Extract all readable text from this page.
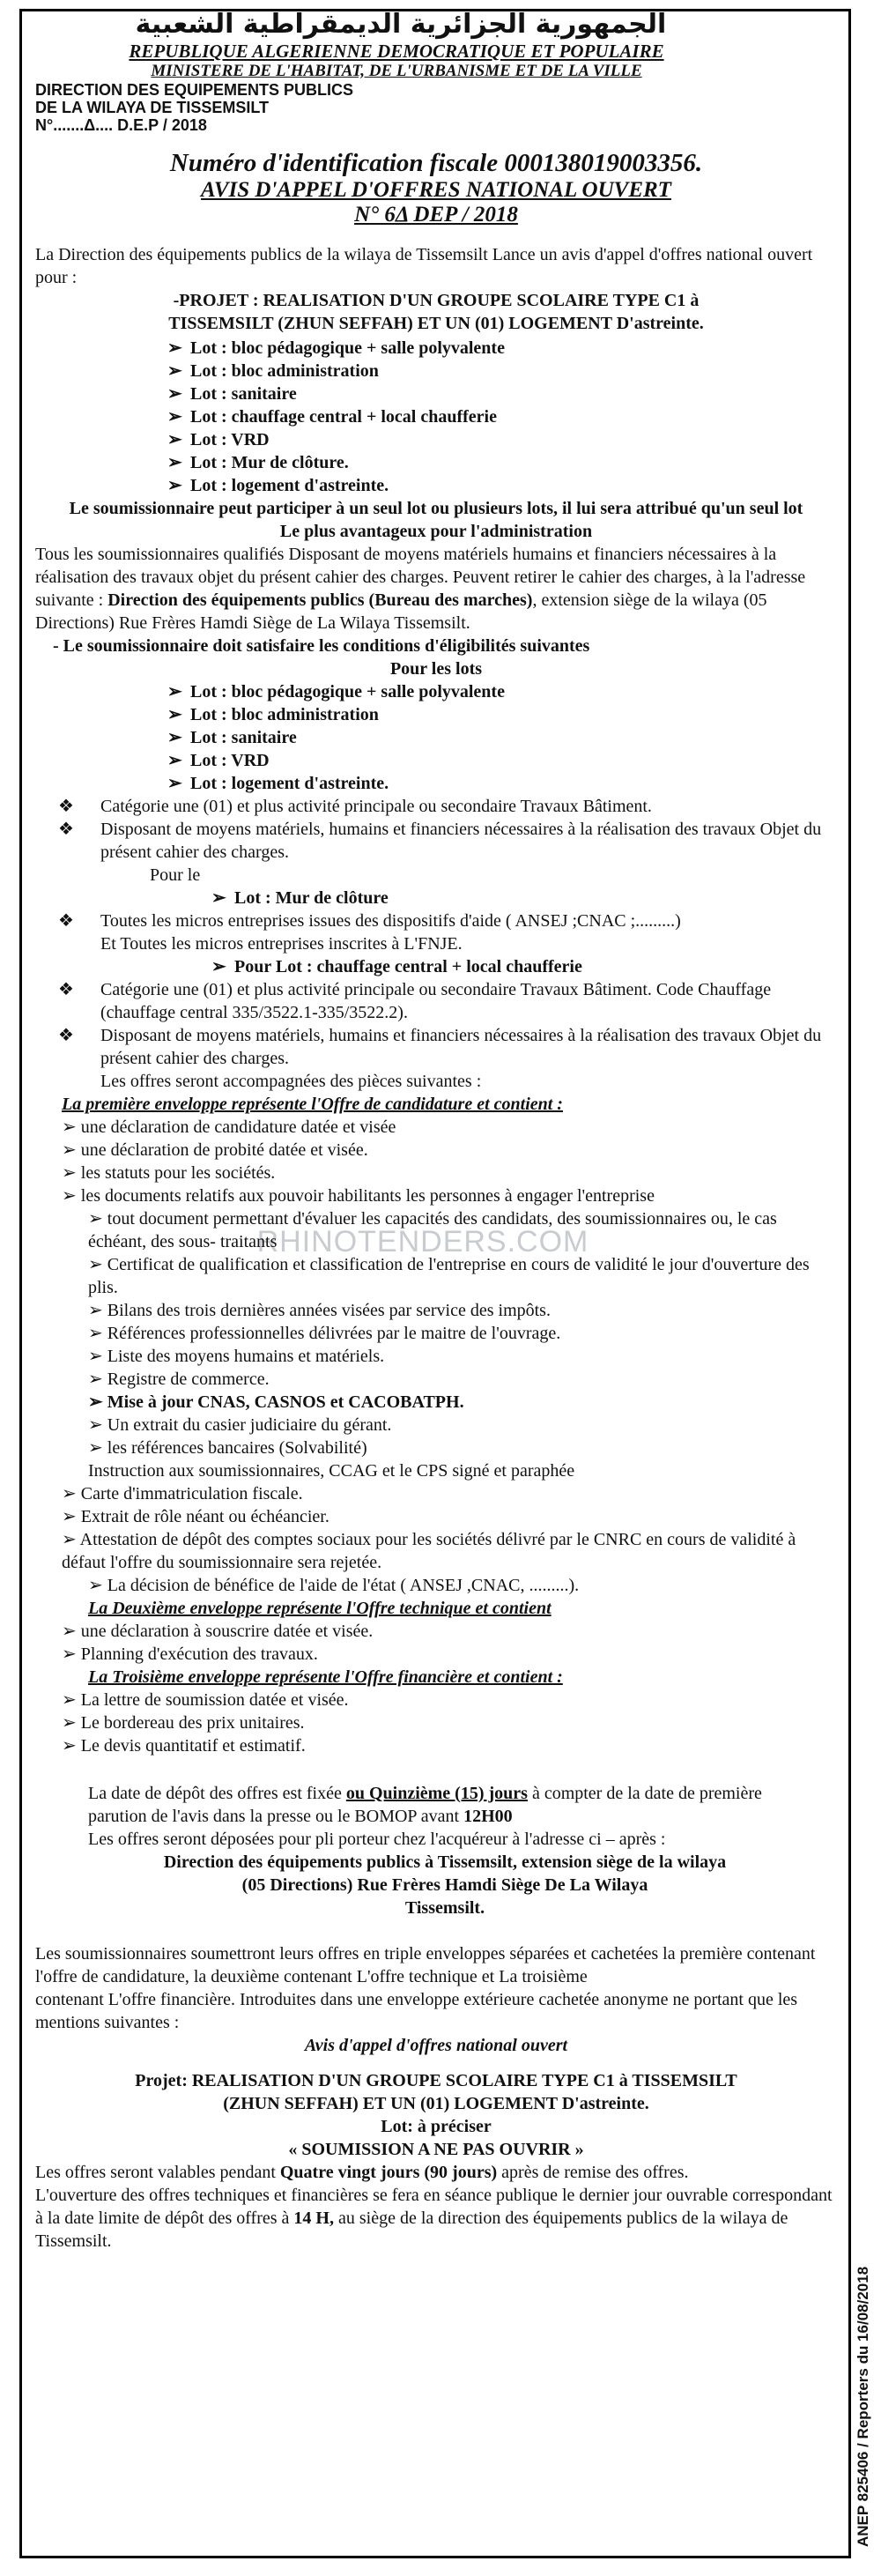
ANEP 825406 / Reporters du 16/08/2018
RHINOTENDERS.COM
الجمهورية الجزائرية الديمقراطية الشعبية
REPUBLIQUE ALGERIENNE DEMOCRATIQUE ET POPULAIRE
MINISTERE DE L'HABITAT, DE L'URBANISME ET DE LA VILLE

DIRECTION DES EQUIPEMENTS PUBLICS

DE LA WILAYA DE TISSEMSILT

N°.......Δ.... D.E.P / 2018

Numéro d'identification fiscale 000138019003356.
AVIS D'APPEL D'OFFRES NATIONAL OUVERT
N° 6Δ DEP / 2018

La Direction des équipements publics de la wilaya de Tissemsilt Lance un avis d'appel d'offres national ouvert pour :

-PROJET : REALISATION D'UN GROUPE SCOLAIRE TYPE C1 à

TISSEMSILT (ZHUN SEFFAH) ET UN (01) LOGEMENT D'astreinte.

➢ Lot : bloc pédagogique + salle polyvalente
➢ Lot : bloc administration
➢ Lot : sanitaire
➢ Lot : chauffage central + local chaufferie
➢ Lot : VRD
➢ Lot : Mur de clôture.
➢ Lot : logement d'astreinte.

Le soumissionnaire peut participer à un seul lot ou plusieurs lots, il lui sera attribué qu'un seul lot Le plus avantageux pour l'administration

Tous les soumissionnaires qualifiés Disposant de moyens matériels humains et financiers nécessaires à la réalisation des travaux objet du présent cahier des charges. Peuvent retirer le cahier des charges, à la l'adresse suivante : Direction des équipements publics (Bureau des marches), extension siège de la wilaya (05 Directions) Rue Frères Hamdi Siège de La Wilaya Tissemsilt.

- Le soumissionnaire doit satisfaire les conditions d'éligibilités suivantes

Pour les lots

➢ Lot : bloc pédagogique + salle polyvalente
➢ Lot : bloc administration
➢ Lot : sanitaire
➢ Lot : VRD
➢ Lot : logement d'astreinte.

❖ Catégorie une (01) et plus activité principale ou secondaire Travaux Bâtiment.

❖ Disposant de moyens matériels, humains et financiers nécessaires à la réalisation des travaux Objet du présent cahier des charges.

Pour le

➢ Lot : Mur de clôture

❖ Toutes les micros entreprises issues des dispositifs d'aide ( ANSEJ ;CNAC ;.........)

Et Toutes les micros entreprises inscrites à L'FNJE.

➢ Pour Lot : chauffage central + local chaufferie

❖ Catégorie une (01) et plus activité principale ou secondaire Travaux Bâtiment. Code Chauffage (chauffage central 335/3522.1-335/3522.2).

❖ Disposant de moyens matériels, humains et financiers nécessaires à la réalisation des travaux Objet du présent cahier des charges.

Les offres seront accompagnées des pièces suivantes :

La première enveloppe représente l'Offre de candidature et contient :

➢ une déclaration de candidature datée et visée

➢ une déclaration de probité datée et visée.

➢ les statuts pour les sociétés.

➢ les documents relatifs aux pouvoir habilitants les personnes à engager l'entreprise

➢ tout document permettant d'évaluer les capacités des candidats, des soumissionnaires ou, le cas échéant, des sous- traitants

➢ Certificat de qualification et classification de l'entreprise en cours de validité le jour d'ouverture des plis.

➢ Bilans des trois dernières années visées par service des impôts.

➢ Références professionnelles délivrées par le maitre de l'ouvrage.

➢ Liste des moyens humains et matériels.

➢ Registre de commerce.

➢ Mise à jour CNAS, CASNOS et CACOBATPH.

➢ Un extrait du casier judiciaire du gérant.

➢ les références bancaires (Solvabilité)

Instruction aux soumissionnaires, CCAG et le CPS signé et paraphée

➢ Carte d'immatriculation fiscale.

➢ Extrait de rôle néant ou échéancier.

➢ Attestation de dépôt des comptes sociaux pour les sociétés délivré par le CNRC en cours de validité à défaut l'offre du soumissionnaire sera rejetée.

➢ La décision de bénéfice de l'aide de l'état ( ANSEJ ,CNAC, .........).

La Deuxième enveloppe représente l'Offre technique et contient

➢ une déclaration à souscrire datée et visée.

➢ Planning d'exécution des travaux.

La Troisième enveloppe représente l'Offre financière et contient :

➢ La lettre de soumission datée et visée.

➢ Le bordereau des prix unitaires.

➢ Le devis quantitatif et estimatif.

La date de dépôt des offres est fixée ou Quinzième (15) jours à compter de la date de première parution de l'avis dans la presse ou le BOMOP avant 12H00

Les offres seront déposées pour pli porteur chez l'acquéreur à l'adresse ci – après :

Direction des équipements publics à Tissemsilt, extension siège de la wilaya

(05 Directions) Rue Frères Hamdi Siège De La Wilaya

Tissemsilt.

Les soumissionnaires soumettront leurs offres en triple enveloppes séparées et cachetées la première contenant l'offre de candidature, la deuxième contenant L'offre technique et La troisième

contenant L'offre financière. Introduites dans une enveloppe extérieure cachetée anonyme ne portant que les mentions suivantes :

Avis d'appel d'offres national ouvert

Projet: REALISATION D'UN GROUPE SCOLAIRE TYPE C1 à TISSEMSILT

(ZHUN SEFFAH) ET UN (01) LOGEMENT D'astreinte.

Lot: à préciser

« SOUMISSION A NE PAS OUVRIR »

Les offres seront valables pendant Quatre vingt jours (90 jours) après de remise des offres.

L'ouverture des offres techniques et financières se fera en séance publique le dernier jour ouvrable correspondant à la date limite de dépôt des offres à 14 H, au siège de la direction des équipements publics de la wilaya de Tissemsilt.
